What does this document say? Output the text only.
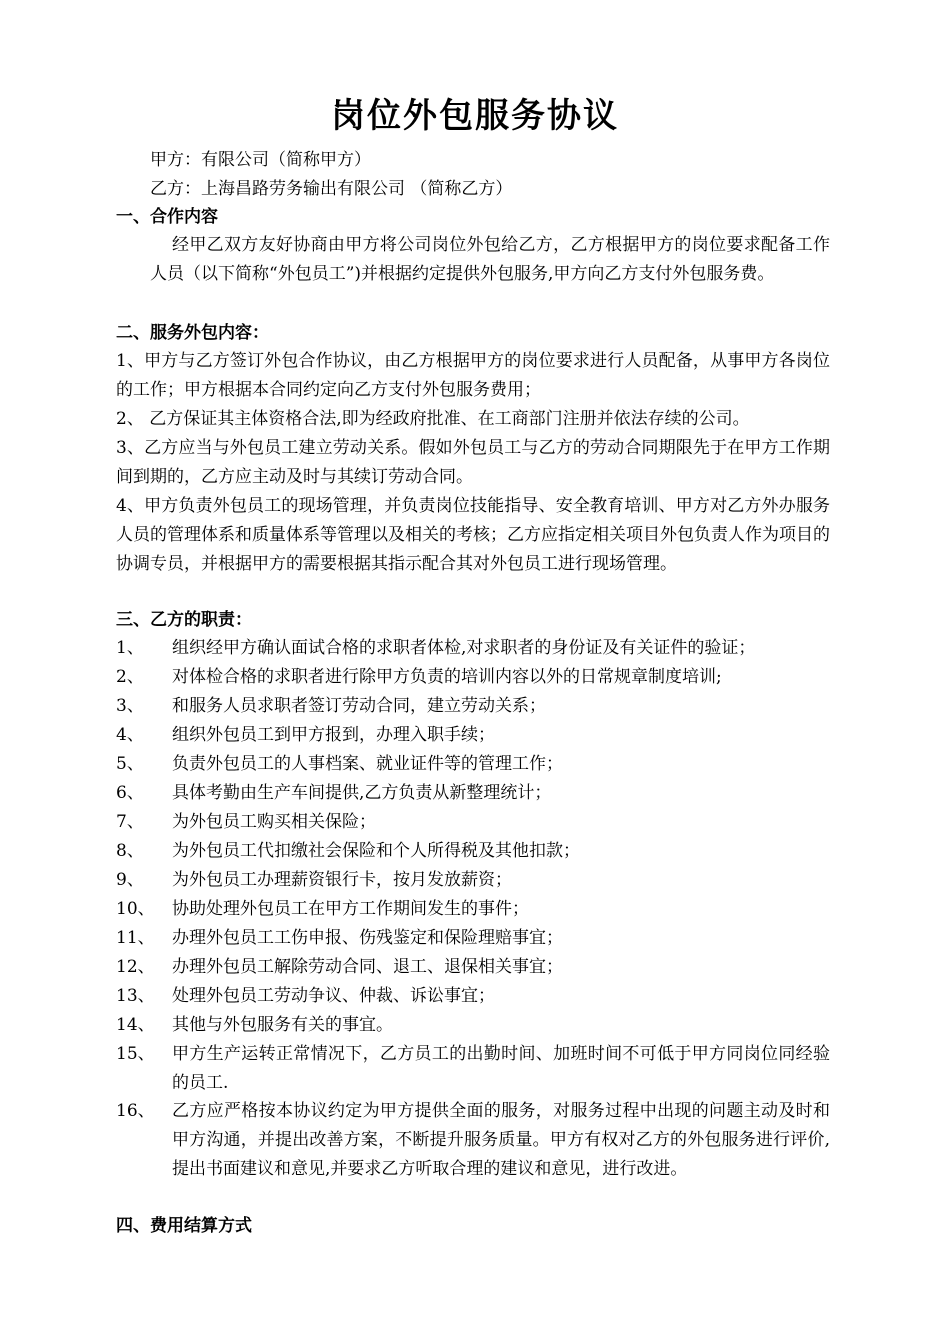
岗位外包服务协议
甲方：有限公司（简称甲方）
乙方：上海昌路劳务输出有限公司 （简称乙方）
一、合作内容
经甲乙双方友好协商由甲方将公司岗位外包给乙方，乙方根据甲方的岗位要求配备工作人员（以下简称“外包员工”)并根据约定提供外包服务,甲方向乙方支付外包服务费。
二、服务外包内容：
1、甲方与乙方签订外包合作协议，由乙方根据甲方的岗位要求进行人员配备，从事甲方各岗位的工作；甲方根据本合同约定向乙方支付外包服务费用；
2、 乙方保证其主体资格合法,即为经政府批准、在工商部门注册并依法存续的公司。
3、乙方应当与外包员工建立劳动关系。假如外包员工与乙方的劳动合同期限先于在甲方工作期间到期的，乙方应主动及时与其续订劳动合同。
4、甲方负责外包员工的现场管理，并负责岗位技能指导、安全教育培训、甲方对乙方外办服务人员的管理体系和质量体系等管理以及相关的考核；乙方应指定相关项目外包负责人作为项目的协调专员，并根据甲方的需要根据其指示配合其对外包员工进行现场管理。
三、乙方的职责：
1、	组织经甲方确认面试合格的求职者体检,对求职者的身份证及有关证件的验证；
2、	对体检合格的求职者进行除甲方负责的培训内容以外的日常规章制度培训;
3、	和服务人员求职者签订劳动合同，建立劳动关系；
4、	组织外包员工到甲方报到，办理入职手续；
5、	负责外包员工的人事档案、就业证件等的管理工作；
6、	具体考勤由生产车间提供,乙方负责从新整理统计；
7、	为外包员工购买相关保险；
8、	为外包员工代扣缴社会保险和个人所得税及其他扣款；
9、	为外包员工办理薪资银行卡，按月发放薪资；
10、	协助处理外包员工在甲方工作期间发生的事件；
11、	办理外包员工工伤申报、伤残鉴定和保险理赔事宜；
12、	办理外包员工解除劳动合同、退工、退保相关事宜；
13、	处理外包员工劳动争议、仲裁、诉讼事宜；
14、	其他与外包服务有关的事宜。
15、	甲方生产运转正常情况下，乙方员工的出勤时间、加班时间不可低于甲方同岗位同经验的员工.
16、	乙方应严格按本协议约定为甲方提供全面的服务，对服务过程中出现的问题主动及时和甲方沟通，并提出改善方案，不断提升服务质量。甲方有权对乙方的外包服务进行评价,提出书面建议和意见,并要求乙方听取合理的建议和意见，进行改进。
四、费用结算方式
